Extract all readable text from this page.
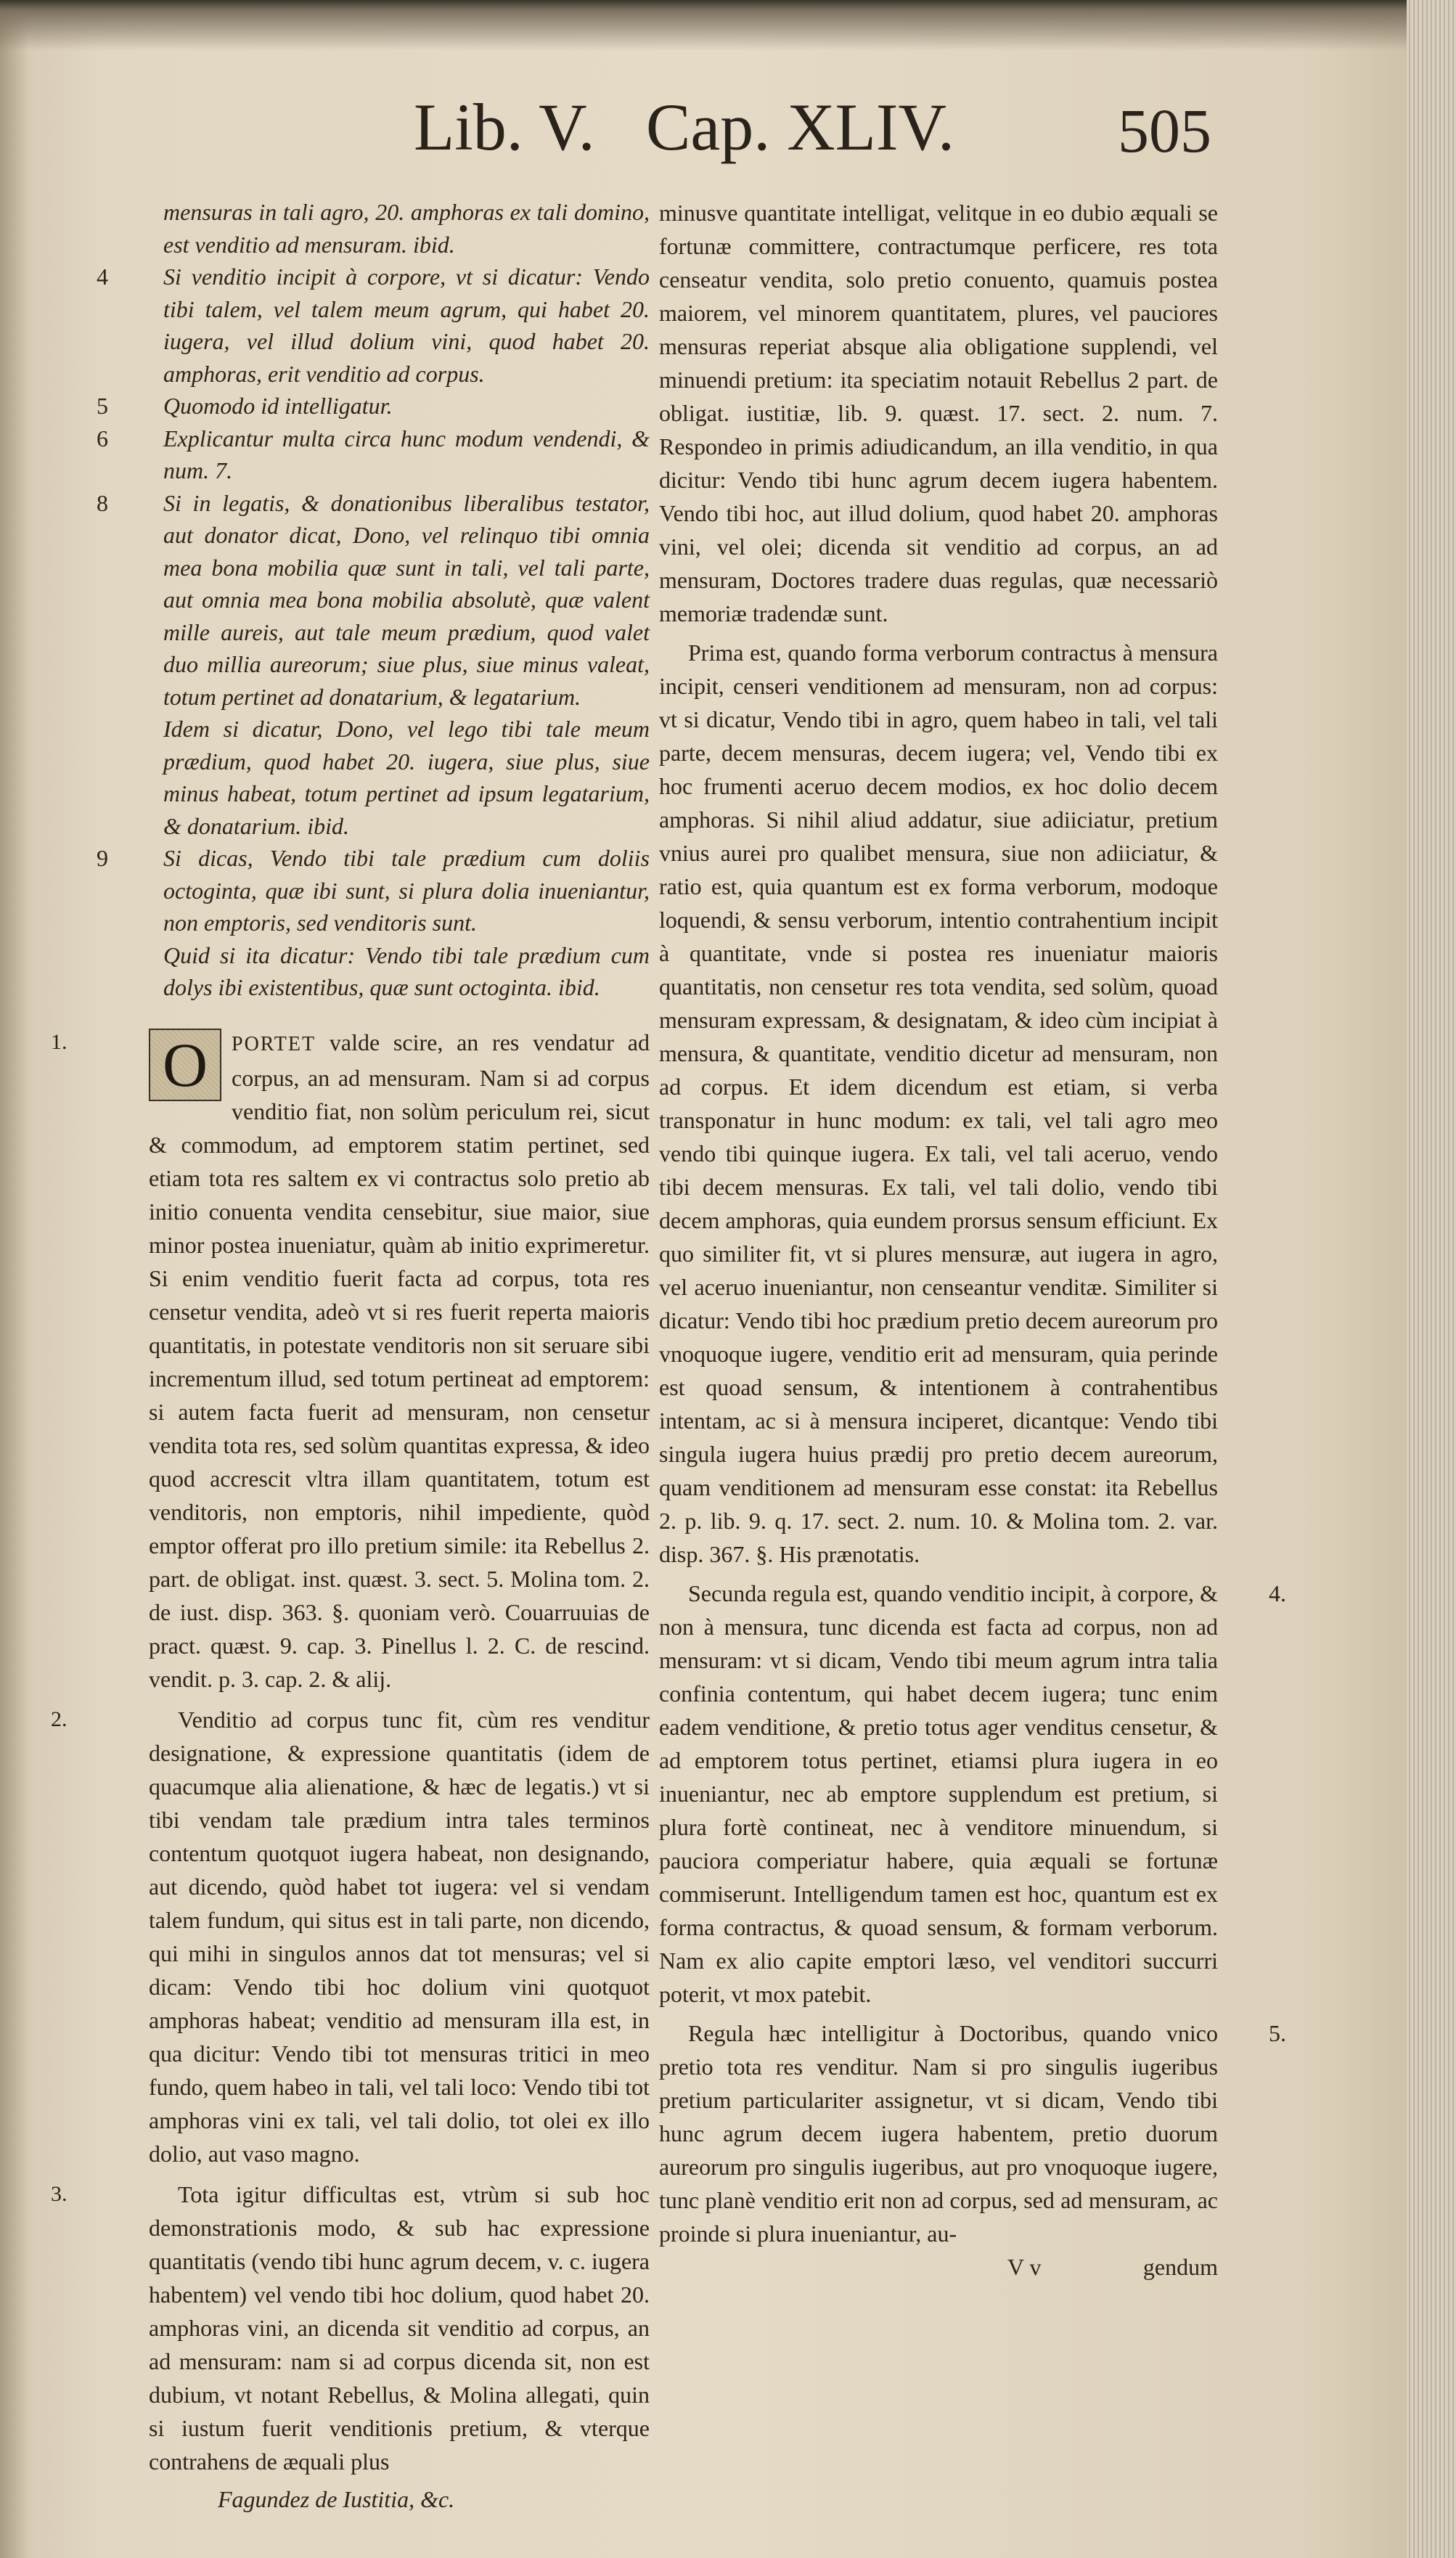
Lib. V. Cap. XLIV.	505
mensuras in tali agro, 20. amphoras ex tali domino, est venditio ad mensuram. ibid.
4 Si venditio incipit à corpore, vt si dicatur: Vendo tibi talem, vel talem meum agrum, qui habet 20. iugera, vel illud dolium vini, quod habet 20. amphoras, erit venditio ad corpus.
5 Quomodo id intelligatur.
6 Explicantur multa circa hunc modum vendendi, & num. 7.
8 Si in legatis, & donationibus liberalibus testator, aut donator dicat, Dono, vel relinquo tibi omnia mea bona mobilia quæ sunt in tali, vel tali parte, aut omnia mea bona mobilia absolutè, quæ valent mille aureis, aut tale meum prædium, quod valet duo millia aureorum; siue plus, siue minus valeat, totum pertinet ad donatarium, & legatarium.
Idem si dicatur, Dono, vel lego tibi tale meum prædium, quod habet 20. iugera, siue plus, siue minus habeat, totum pertinet ad ipsum legatarium, & donatarium. ibid.
9 Si dicas, Vendo tibi tale prædium cum doliis octoginta, quæ ibi sunt, si plura dolia inueniantur, non emptoris, sed venditoris sunt.
Quid si ita dicatur: Vendo tibi tale prædium cum dolys ibi existentibus, quæ sunt octoginta. ibid.
1. O	PORTET valde scire, an res vendatur ad corpus, an ad mensuram. Nam si ad corpus venditio fiat, non solùm periculum rei, sicut & commodum, ad emptorem statim pertinet, sed etiam tota res saltem ex vi contractus solo pretio ab initio conuenta vendita censebitur, siue maior, siue minor postea inueniatur, quàm ab initio exprimeretur. Si enim venditio fuerit facta ad corpus, tota res censetur vendita, adeò vt si res fuerit reperta maioris quantitatis, in potestate venditoris non sit seruare sibi incrementum illud, sed totum pertineat ad emptorem: si autem facta fuerit ad mensuram, non censetur vendita tota res, sed solùm quantitas expressa, & ideo quod accrescit vltra illam quantitatem, totum est venditoris, non emptoris, nihil impediente, quòd emptor offerat pro illo pretium simile: ita Rebellus 2. part. de obligat. inst. quæst. 3. sect. 5. Molina tom. 2. de iust. disp. 363. §. quoniam verò. Couarruuias de pract. quæst. 9. cap. 3. Pinellus l. 2. C. de rescind. vendit. p. 3. cap. 2. & alij.
2.	Venditio ad corpus tunc fit, cùm res venditur designatione, & expressione quantitatis (idem de quacumque alia alienatione, & hæc de legatis.) vt si tibi vendam tale prædium intra tales terminos contentum quotquot iugera habeat, non designando, aut dicendo, quòd habet tot iugera: vel si vendam talem fundum, qui situs est in tali parte, non dicendo, qui mihi in singulos annos dat tot mensuras; vel si dicam: Vendo tibi hoc dolium vini quotquot amphoras habeat; venditio ad mensuram illa est, in qua dicitur: Vendo tibi tot mensuras tritici in meo fundo, quem habeo in tali, vel tali loco: Vendo tibi tot amphoras vini ex tali, vel tali dolio, tot olei ex illo dolio, aut vaso magno.
3.	Tota igitur difficultas est, vtrùm si sub hoc demonstrationis modo, & sub hac expressione quantitatis (vendo tibi hunc agrum decem, v. c. iugera habentem) vel vendo tibi hoc dolium, quod habet 20. amphoras vini, an dicenda sit venditio ad corpus, an ad mensuram: nam si ad corpus dicenda sit, non est dubium, vt notant Rebellus, & Molina allegati, quin si iustum fuerit venditionis pretium, & vterque contrahens de æquali plus
Fagundez de Iustitia, &c.
minusve quantitate intelligat, velitque in eo dubio æquali se fortunæ committere, contractumque perficere, res tota censeatur vendita, solo pretio conuento, quamuis postea maiorem, vel minorem quantitatem, plures, vel pauciores mensuras reperiat absque alia obligatione supplendi, vel minuendi pretium: ita speciatim notauit Rebellus 2 part. de obligat. iustitiæ, lib. 9. quæst. 17. sect. 2. num. 7. Respondeo in primis adiudicandum, an illa venditio, in qua dicitur: Vendo tibi hunc agrum decem iugera habentem. Vendo tibi hoc, aut illud dolium, quod habet 20. amphoras vini, vel olei; dicenda sit venditio ad corpus, an ad mensuram, Doctores tradere duas regulas, quæ necessariò memoriæ tradendæ sunt.
Prima est, quando forma verborum contractus à mensura incipit, censeri venditionem ad mensuram, non ad corpus: vt si dicatur, Vendo tibi in agro, quem habeo in tali, vel tali parte, decem mensuras, decem iugera; vel, Vendo tibi ex hoc frumenti aceruo decem modios, ex hoc dolio decem amphoras. Si nihil aliud addatur, siue adiiciatur, pretium vnius aurei pro qualibet mensura, siue non adiiciatur, & ratio est, quia quantum est ex forma verborum, modoque loquendi, & sensu verborum, intentio contrahentium incipit à quantitate, vnde si postea res inueniatur maioris quantitatis, non censetur res tota vendita, sed solùm, quoad mensuram expressam, & designatam, & ideo cùm incipiat à mensura, & quantitate, venditio dicetur ad mensuram, non ad corpus. Et idem dicendum est etiam, si verba transponatur in hunc modum: ex tali, vel tali agro meo vendo tibi quinque iugera. Ex tali, vel tali aceruo, vendo tibi decem mensuras. Ex tali, vel tali dolio, vendo tibi decem amphoras, quia eundem prorsus sensum efficiunt. Ex quo similiter fit, vt si plures mensuræ, aut iugera in agro, vel aceruo inueniantur, non censeantur venditæ. Similiter si dicatur: Vendo tibi hoc prædium pretio decem aureorum pro vnoquoque iugere, venditio erit ad mensuram, quia perinde est quoad sensum, & intentionem à contrahentibus intentam, ac si à mensura inciperet, dicantque: Vendo tibi singula iugera huius prædij pro pretio decem aureorum, quam venditionem ad mensuram esse constat: ita Rebellus 2. p. lib. 9. q. 17. sect. 2. num. 10. & Molina tom. 2. var. disp. 367. §. His prænotatis.
4.
Secunda regula est, quando venditio incipit, à corpore, & non à mensura, tunc dicenda est facta ad corpus, non ad mensuram: vt si dicam, Vendo tibi meum agrum intra talia confinia contentum, qui habet decem iugera; tunc enim eadem venditione, & pretio totus ager venditus censetur, & ad emptorem totus pertinet, etiamsi plura iugera in eo inueniantur, nec ab emptore supplendum est pretium, si plura fortè contineat, nec à venditore minuendum, si pauciora comperiatur habere, quia æquali se fortunæ commiserunt. Intelligendum tamen est hoc, quantum est ex forma contractus, & quoad sensum, & formam verborum. Nam ex alio capite emptori læso, vel venditori succurri poterit, vt mox patebit.
5.
Regula hæc intelligitur à Doctoribus, quando vnico pretio tota res venditur. Nam si pro singulis iugeribus pretium particulariter assignetur, vt si dicam, Vendo tibi hunc agrum decem iugera habentem, pretio duorum aureorum pro singulis iugeribus, aut pro vnoquoque iugere, tunc planè venditio erit non ad corpus, sed ad mensuram, ac proinde si plura inueniantur, au-
V v	gendum
